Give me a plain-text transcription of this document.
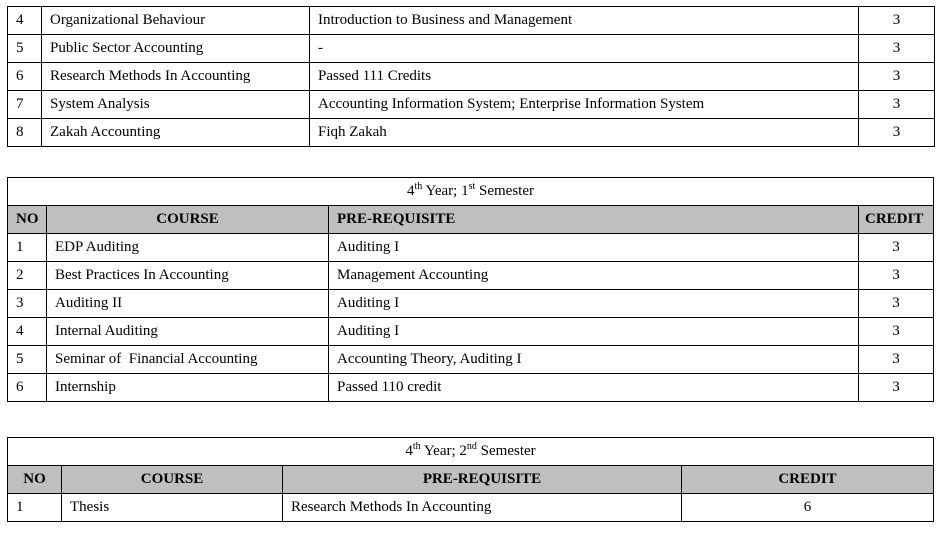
4	Organizational Behaviour	Introduction to Business and Management	3
5	Public Sector Accounting	-	3
6	Research Methods In Accounting	Passed 111 Credits	3
7	System Analysis	Accounting Information System; Enterprise Information System	3
8	Zakah Accounting	Fiqh Zakah	3
4th Year; 1st Semester			
NO	COURSE	PRE-REQUISITE	CREDIT
1	EDP Auditing	Auditing I	3
2	Best Practices In Accounting	Management Accounting	3
3	Auditing II	Auditing I	3
4	Internal Auditing	Auditing I	3
5	Seminar of  Financial Accounting	Accounting Theory, Auditing I	3
6	Internship	Passed 110 credit	3
4th Year; 2nd Semester			
NO	COURSE	PRE-REQUISITE	CREDIT
1	Thesis	Research Methods In Accounting	6
